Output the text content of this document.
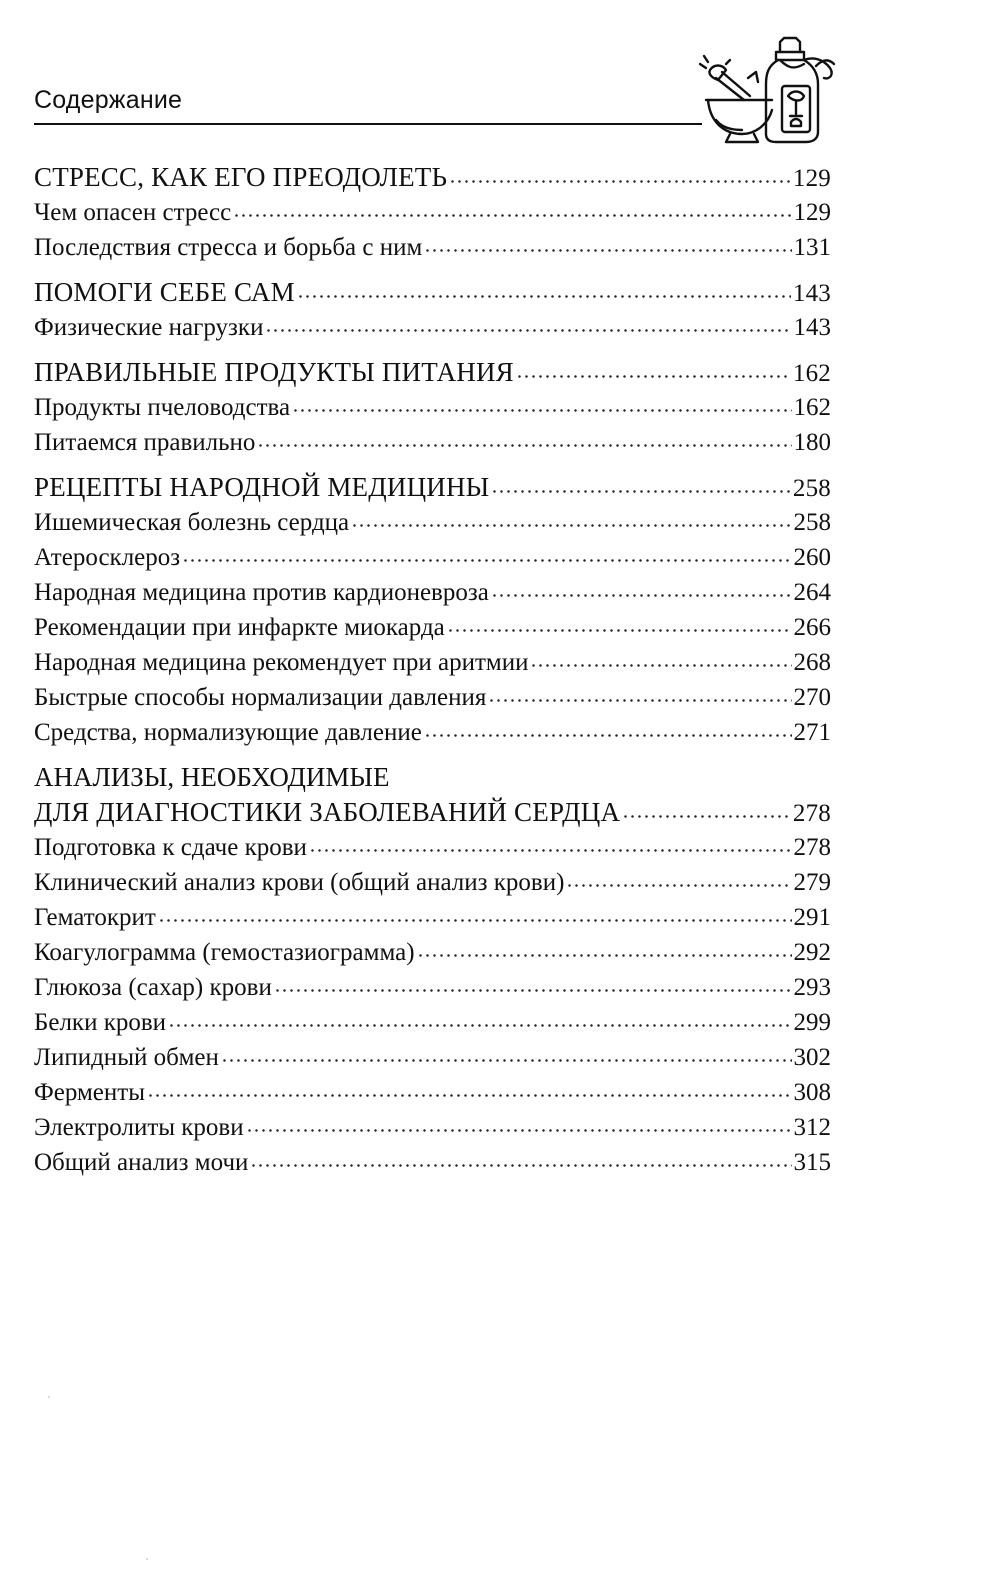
Содержание
СТРЕСС, КАК ЕГО ПРЕОДОЛЕТЬ	129
Чем опасен стресс	129
Последствия стресса и борьба с ним	131
ПОМОГИ СЕБЕ САМ	143
Физические нагрузки	143
ПРАВИЛЬНЫЕ ПРОДУКТЫ ПИТАНИЯ	162
Продукты пчеловодства	162
Питаемся правильно	180
РЕЦЕПТЫ НАРОДНОЙ МЕДИЦИНЫ	258
Ишемическая болезнь сердца	258
Атеросклероз	260
Народная медицина против кардионевроза	264
Рекомендации при инфаркте миокарда	266
Народная медицина рекомендует при аритмии	268
Быстрые способы нормализации давления	270
Средства, нормализующие давление	271
АНАЛИЗЫ, НЕОБХОДИМЫЕ
ДЛЯ ДИАГНОСТИКИ ЗАБОЛЕВАНИЙ СЕРДЦА	278
Подготовка к сдаче крови	278
Клинический анализ крови (общий анализ крови)	279
Гематокрит	291
Коагулограмма (гемостазиограмма)	292
Глюкоза (сахар) крови	293
Белки крови	299
Липидный обмен	302
Ферменты	308
Электролиты крови	312
Общий анализ мочи	315
